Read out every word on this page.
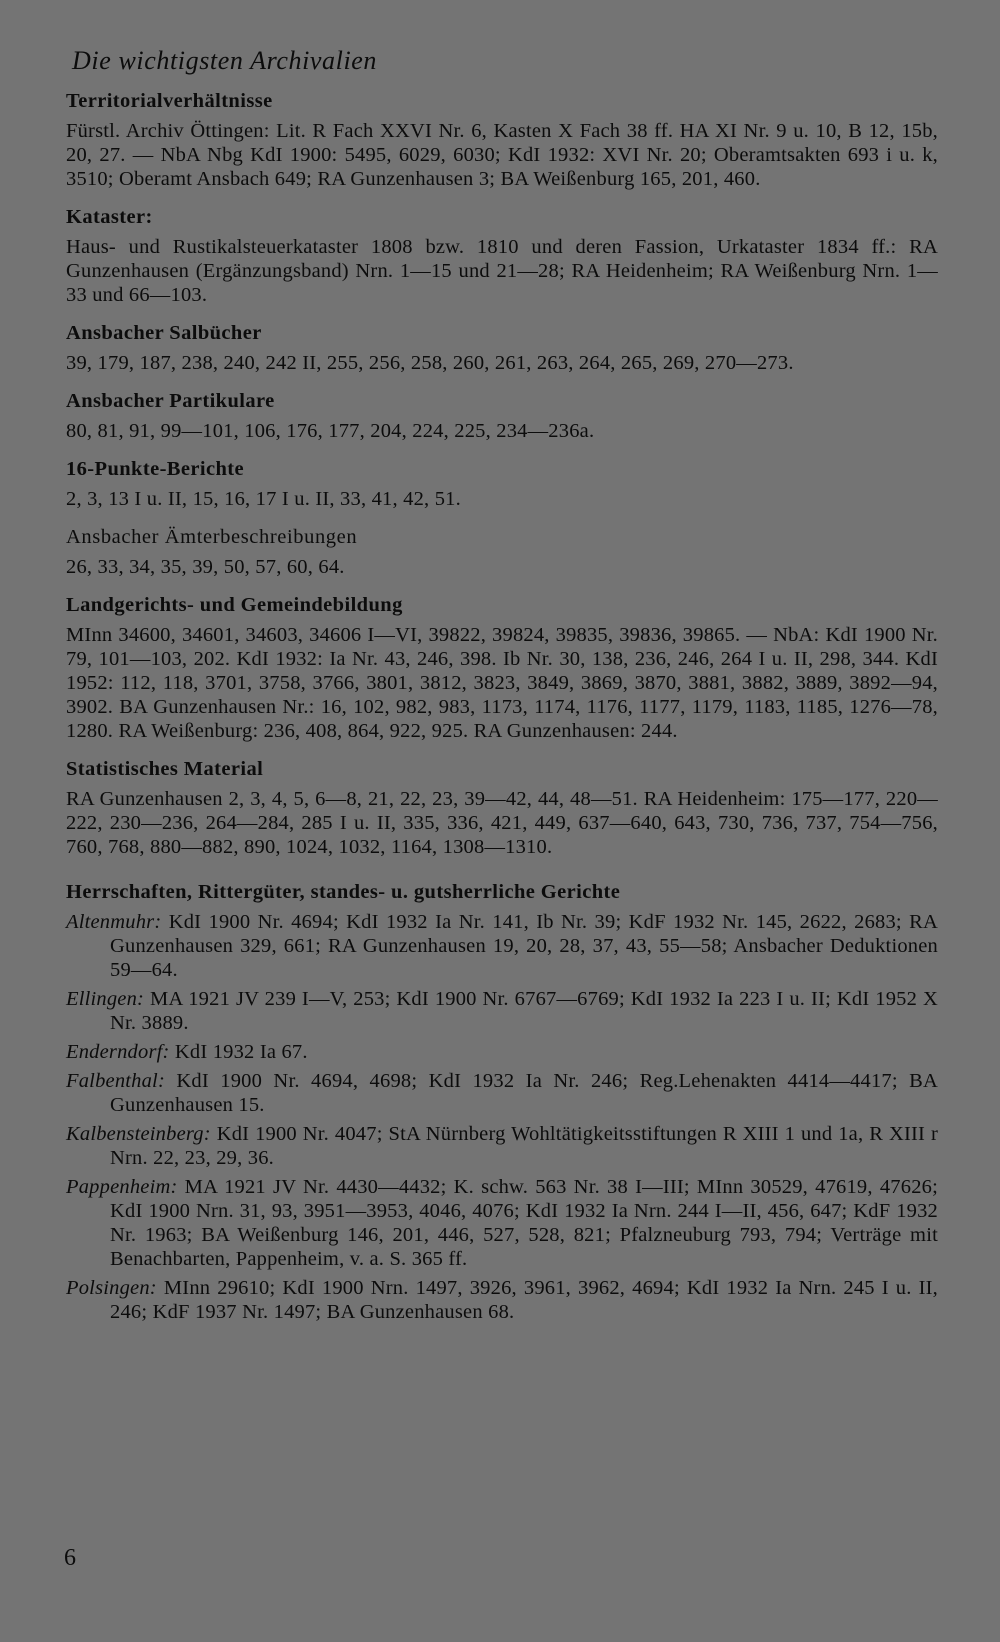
Die wichtigsten Archivalien
Territorialverhältnisse
Fürstl. Archiv Öttingen: Lit. R Fach XXVI Nr. 6, Kasten X Fach 38 ff. HA XI Nr. 9 u. 10, B 12, 15b, 20, 27. — NbA Nbg KdI 1900: 5495, 6029, 6030; KdI 1932: XVI Nr. 20; Oberamtsakten 693 i u. k, 3510; Oberamt Ansbach 649; RA Gunzenhausen 3; BA Weißenburg 165, 201, 460.
Kataster:
Haus- und Rustikalsteuerkataster 1808 bzw. 1810 und deren Fassion, Urkataster 1834 ff.: RA Gunzenhausen (Ergänzungsband) Nrn. 1—15 und 21—28; RA Heidenheim; RA Weißenburg Nrn. 1—33 und 66—103.
Ansbacher Salbücher
39, 179, 187, 238, 240, 242 II, 255, 256, 258, 260, 261, 263, 264, 265, 269, 270—273.
Ansbacher Partikulare
80, 81, 91, 99—101, 106, 176, 177, 204, 224, 225, 234—236a.
16-Punkte-Berichte
2, 3, 13 I u. II, 15, 16, 17 I u. II, 33, 41, 42, 51.
Ansbacher Ämterbeschreibungen
26, 33, 34, 35, 39, 50, 57, 60, 64.
Landgerichts- und Gemeindebildung
MInn 34600, 34601, 34603, 34606 I—VI, 39822, 39824, 39835, 39836, 39865. — NbA: KdI 1900 Nr. 79, 101—103, 202. KdI 1932: Ia Nr. 43, 246, 398. Ib Nr. 30, 138, 236, 246, 264 I u. II, 298, 344. KdI 1952: 112, 118, 3701, 3758, 3766, 3801, 3812, 3823, 3849, 3869, 3870, 3881, 3882, 3889, 3892—94, 3902. BA Gunzenhausen Nr.: 16, 102, 982, 983, 1173, 1174, 1176, 1177, 1179, 1183, 1185, 1276—78, 1280. RA Weißenburg: 236, 408, 864, 922, 925. RA Gunzenhausen: 244.
Statistisches Material
RA Gunzenhausen 2, 3, 4, 5, 6—8, 21, 22, 23, 39—42, 44, 48—51. RA Heidenheim: 175—177, 220—222, 230—236, 264—284, 285 I u. II, 335, 336, 421, 449, 637—640, 643, 730, 736, 737, 754—756, 760, 768, 880—882, 890, 1024, 1032, 1164, 1308—1310.
Herrschaften, Rittergüter, standes- u. gutsherrliche Gerichte
Altenmuhr: KdI 1900 Nr. 4694; KdI 1932 Ia Nr. 141, Ib Nr. 39; KdF 1932 Nr. 145, 2622, 2683; RA Gunzenhausen 329, 661; RA Gunzenhausen 19, 20, 28, 37, 43, 55—58; Ansbacher Deduktionen 59—64.
Ellingen: MA 1921 JV 239 I—V, 253; KdI 1900 Nr. 6767—6769; KdI 1932 Ia 223 I u. II; KdI 1952 X Nr. 3889.
Enderndorf: KdI 1932 Ia 67.
Falbenthal: KdI 1900 Nr. 4694, 4698; KdI 1932 Ia Nr. 246; Reg.Lehenakten 4414—4417; BA Gunzenhausen 15.
Kalbensteinberg: KdI 1900 Nr. 4047; StA Nürnberg Wohltätigkeitsstiftungen R XIII 1 und 1a, R XIII r Nrn. 22, 23, 29, 36.
Pappenheim: MA 1921 JV Nr. 4430—4432; K. schw. 563 Nr. 38 I—III; MInn 30529, 47619, 47626; KdI 1900 Nrn. 31, 93, 3951—3953, 4046, 4076; KdI 1932 Ia Nrn. 244 I—II, 456, 647; KdF 1932 Nr. 1963; BA Weißenburg 146, 201, 446, 527, 528, 821; Pfalzneuburg 793, 794; Verträge mit Benachbarten, Pappenheim, v. a. S. 365 ff.
Polsingen: MInn 29610; KdI 1900 Nrn. 1497, 3926, 3961, 3962, 4694; KdI 1932 Ia Nrn. 245 I u. II, 246; KdF 1937 Nr. 1497; BA Gunzenhausen 68.
6
